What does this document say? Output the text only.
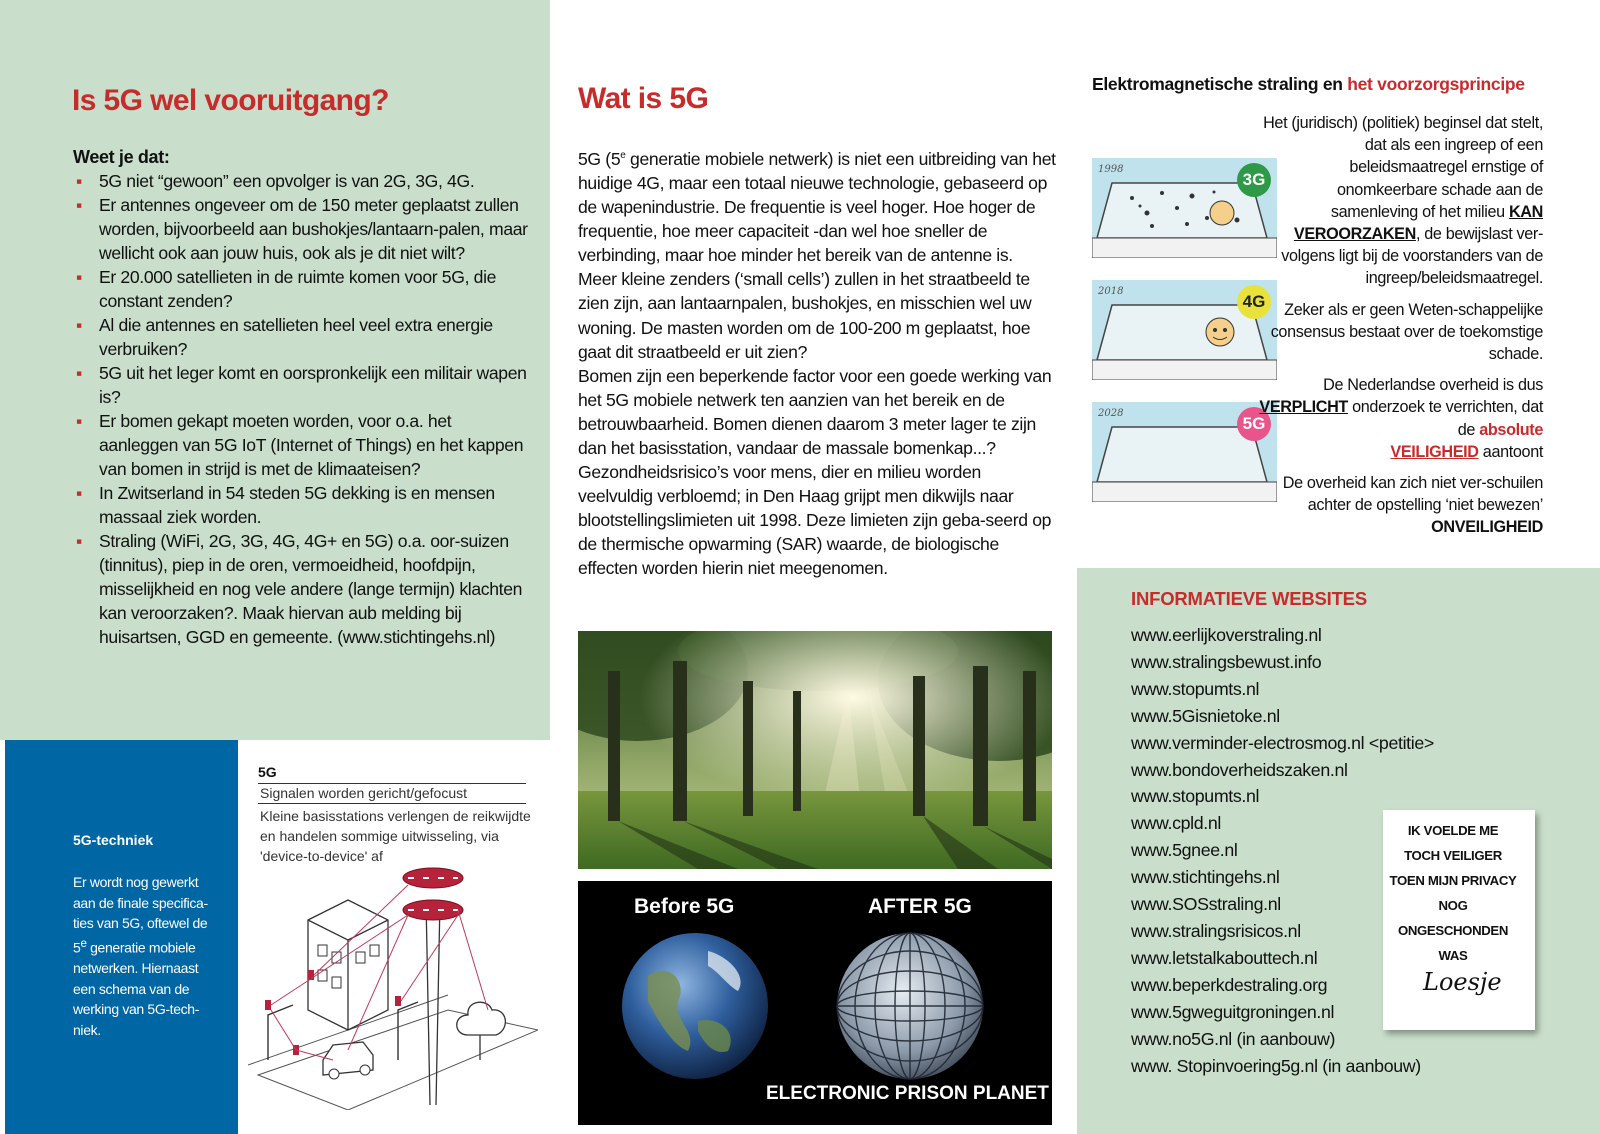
Is 5G wel vooruitgang?
Weet je dat:
▪ 5G niet “gewoon” een opvolger is van 2G, 3G, 4G.
▪ Er antennes ongeveer om de 150 meter geplaatst zullen worden, bijvoorbeeld aan bushokjes/lantaarn-palen, maar wellicht ook aan jouw huis, ook als je dit niet wilt?
▪ Er 20.000 satellieten in de ruimte komen voor 5G, die constant zenden?
▪ Al die antennes en satellieten heel veel extra energie verbruiken?
▪ 5G uit het leger komt en oorspronkelijk een militair wapen is?
▪ Er bomen gekapt moeten worden, voor o.a. het aanleggen van 5G IoT (Internet of Things) en het kappen van bomen in strijd is met de klimaateisen?
▪ In Zwitserland in 54 steden 5G dekking is en mensen massaal ziek worden.
▪ Straling (WiFi, 2G, 3G, 4G, 4G+ en 5G) o.a. oor-suizen (tinnitus), piep in de oren, vermoeidheid, hoofdpijn, misselijkheid en nog vele andere (lange termijn) klachten kan veroorzaken?. Maak hiervan aub melding bij huisartsen, GGD en gemeente. (www.stichtingehs.nl)
5G-techniek
Er wordt nog gewerkt aan de finale specifica-ties van 5G, oftewel de 5e generatie mobiele netwerken. Hiernaast een schema van de werking van 5G-tech-niek.
5G
Signalen worden gericht/gefocust
Kleine basisstations verlengen de reikwijdte en handelen sommige uitwisseling, via 'device-to-device' af
Wat is 5G

5G (5e generatie mobiele netwerk) is niet een uitbreiding van het huidige 4G, maar een totaal nieuwe technologie, gebaseerd op de wapenindustrie. De frequentie is veel hoger. Hoe hoger de frequentie, hoe meer capaciteit -dan wel hoe sneller de verbinding, maar hoe minder het bereik van de antenne is.

Meer kleine zenders (‘small cells’) zullen in het straatbeeld te zien zijn, aan lantaarnpalen, bushokjes, en misschien wel uw woning. De masten worden om de 100-200 m geplaatst, hoe gaat dit straatbeeld er uit zien?

Bomen zijn een beperkende factor voor een goede werking van het 5G mobiele netwerk ten aanzien van het bereik en de betrouwbaarheid. Bomen dienen daarom 3 meter lager te zijn dan het basisstation, vandaar de massale bomenkap...?

Gezondheidsrisico’s voor mens, dier en milieu worden veelvuldig verbloemd; in Den Haag grijpt men dikwijls naar blootstellingslimieten uit 1998. Deze limieten zijn geba-seerd op de thermische opwarming (SAR) waarde, de biologische effecten worden hierin niet meegenomen.

Before 5G	AFTER 5G
ELECTRONIC PRISON PLANET
Elektromagnetische straling en het voorzorgsprincipe
1998
3G
2018
4G
2028
5G

Het (juridisch) (politiek) beginsel dat stelt, dat als een ingreep of een beleidsmaatregel ernstige of onomkeerbare schade aan de samenleving of het milieu KAN VEROORZAKEN, de bewijslast ver-volgens ligt bij de voorstanders van de ingreep/beleidsmaatregel.

Zeker als er geen Weten-schappelijke consensus bestaat over de toekomstige schade.

De Nederlandse overheid is dus VERPLICHT onderzoek te verrichten, dat de absolute
VEILIGHEID aantoont

De overheid kan zich niet ver-schuilen achter de opstelling ‘niet bewezen’ ONVEILIGHEID

INFORMATIEVE WEBSITES
www.eerlijkoverstraling.nl
www.stralingsbewust.info
www.stopumts.nl
www.5Gisnietoke.nl
www.verminder-electrosmog.nl <petitie>
www.bondoverheidszaken.nl
www.stopumts.nl
www.cpld.nl
www.5gnee.nl
www.stichtingehs.nl
www.SOSstraling.nl
www.stralingsrisicos.nl
www.letstalkabouttech.nl
www.beperkdestraling.org
www.5gweguitgroningen.nl
www.no5G.nl (in aanbouw)
www. Stopinvoering5g.nl (in aanbouw)
IK VOELDE ME
TOCH VEILIGER
TOEN MIJN PRIVACY
NOG ONGESCHONDEN
WAS
Loesje
